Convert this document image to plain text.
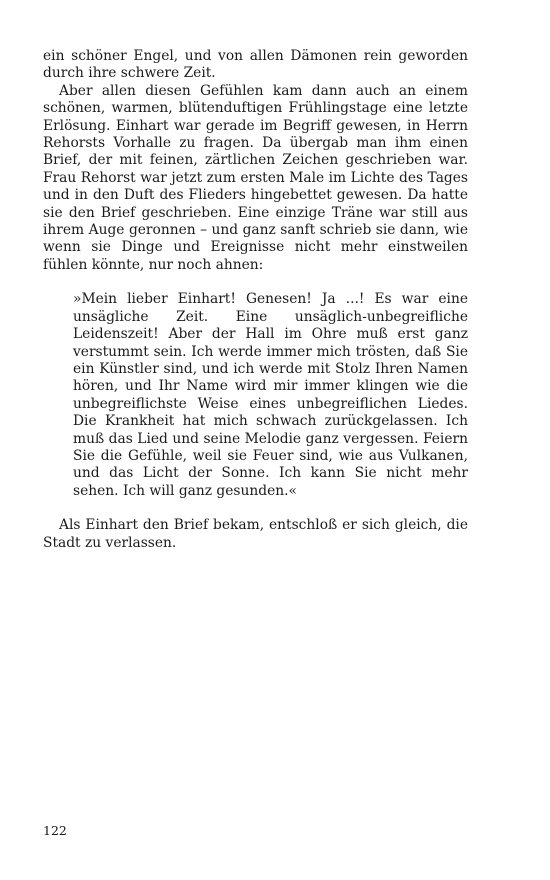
ein schöner Engel, und von allen Dämonen rein geworden durch ihre schwere Zeit.

Aber allen diesen Gefühlen kam dann auch an einem schönen, warmen, blütenduftigen Frühlingstage eine letzte Erlösung. Einhart war gerade im Begriff gewesen, in Herrn Rehorsts Vorhalle zu fragen. Da übergab man ihm einen Brief, der mit feinen, zärtlichen Zeichen geschrieben war. Frau Rehorst war jetzt zum ersten Male im Lichte des Tages und in den Duft des Flieders hingebettet gewesen. Da hatte sie den Brief geschrieben. Eine einzige Träne war still aus ihrem Auge geronnen – und ganz sanft schrieb sie dann, wie wenn sie Dinge und Ereignisse nicht mehr einstweilen fühlen könnte, nur noch ahnen:

»Mein lieber Einhart! Genesen! Ja ...! Es war eine unsägliche Zeit. Eine unsäglich-unbegreifliche Leidenszeit! Aber der Hall im Ohre muß erst ganz verstummt sein. Ich werde immer mich trösten, daß Sie ein Künstler sind, und ich werde mit Stolz Ihren Namen hören, und Ihr Name wird mir immer klingen wie die unbegreiflichste Weise eines unbegreiflichen Liedes. Die Krankheit hat mich schwach zurückgelassen. Ich muß das Lied und seine Melodie ganz vergessen. Feiern Sie die Gefühle, weil sie Feuer sind, wie aus Vulkanen, und das Licht der Sonne. Ich kann Sie nicht mehr sehen. Ich will ganz gesunden.«

Als Einhart den Brief bekam, entschloß er sich gleich, die Stadt zu verlassen.

122
